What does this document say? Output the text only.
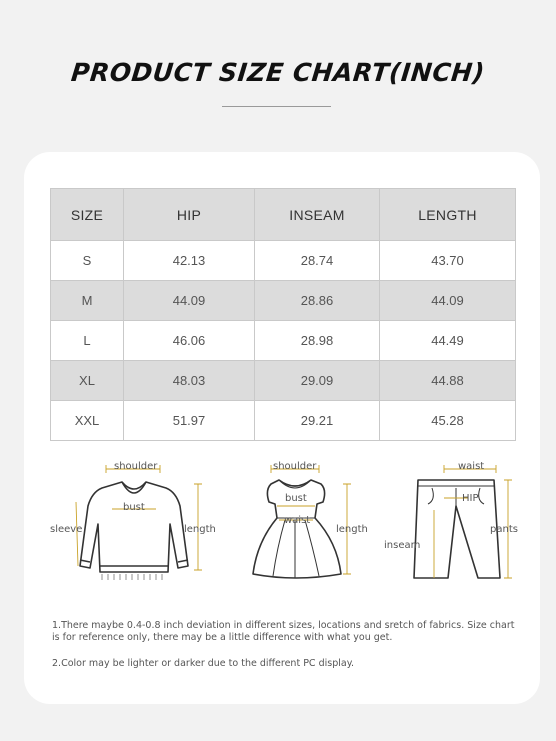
PRODUCT SIZE CHART(INCH)
SIZE	HIP	INSEAM	LENGTH
S	42.13	28.74	43.70
M	44.09	28.86	44.09
L	46.06	28.98	44.49
XL	48.03	29.09	44.88
XXL	51.97	29.21	45.28
shoulder
bust
sleeve	length
shoulder
bust
waist
length
waist
HIP
inseam
pants

1.There maybe 0.4-0.8 inch deviation in different sizes, locations and sretch of fabrics. Size chart is for reference only, there may be a little difference with what you get.

2.Color may be lighter or darker due to the different PC display.
